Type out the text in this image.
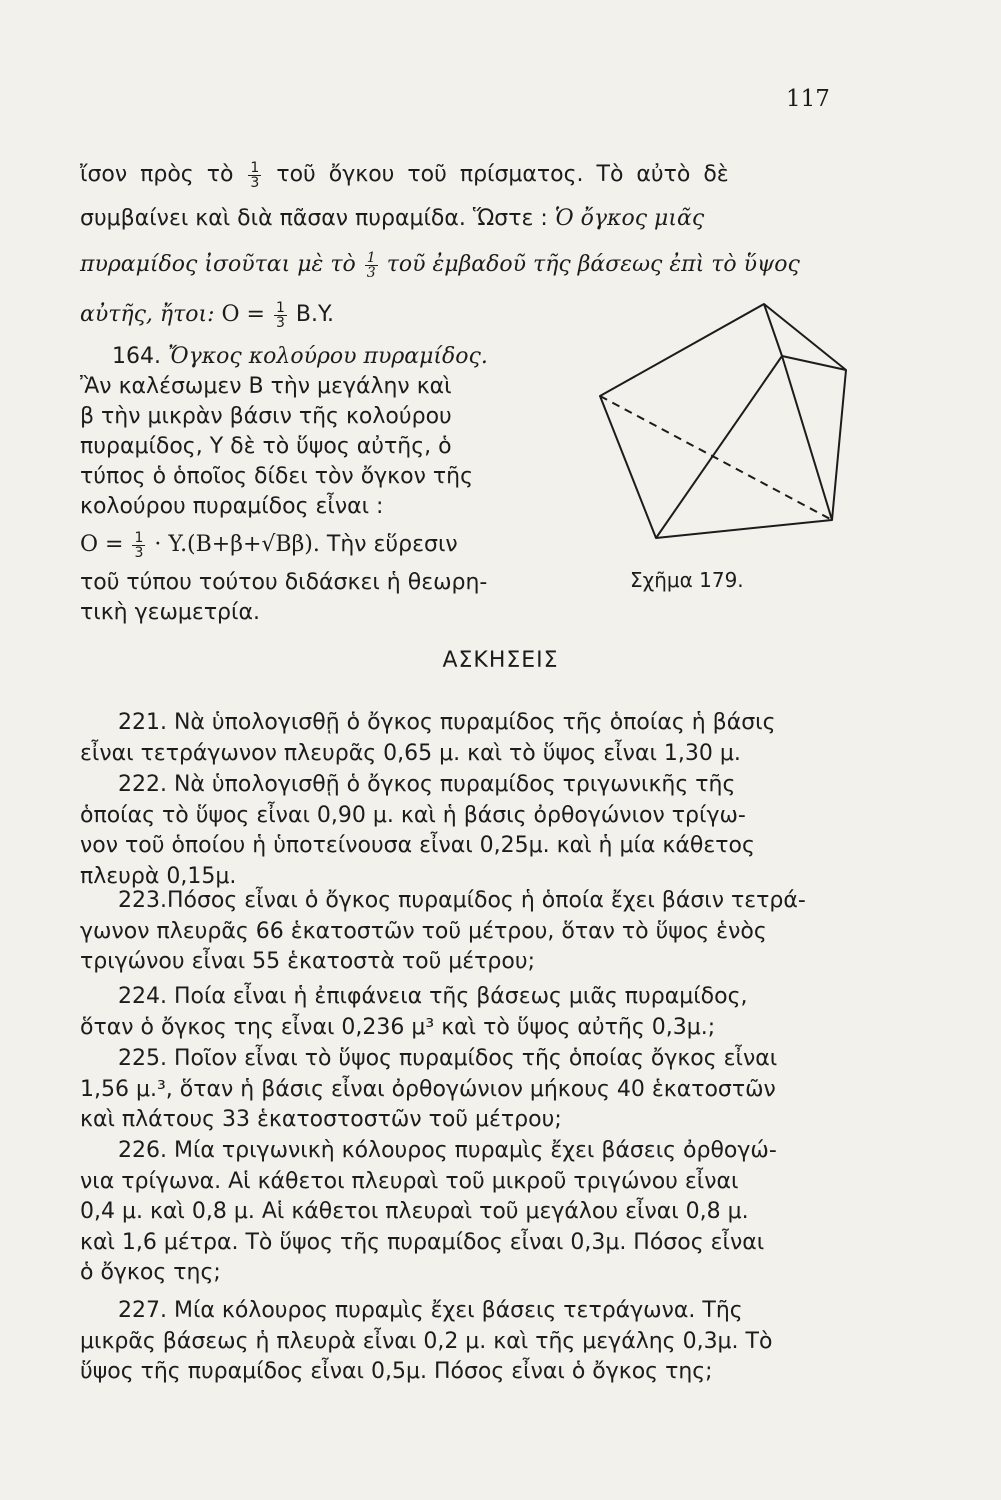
117
ἴσον πρὸς τὸ $\frac{1}{3}$ τοῦ ὄγκου τοῦ πρίσματος. Τὸ αὐτὸ δὲ
συμβαίνει καὶ διὰ πᾶσαν πυραμίδα. Ὥστε : Ὁ ὄγκος μιᾶς
πυραμίδος ἰσοῦται μὲ τὸ $\frac{1}{3}$ τοῦ ἐμβαδοῦ τῆς βάσεως ἐπὶ τὸ ὕψος
αὐτῆς, ἤτοι: $O = \frac{1}{3} B.Y$.
164. Ὄγκος κολούρου πυραμίδος.
Ἂν καλέσωμεν Β τὴν μεγάλην καὶ
β τὴν μικρὰν βάσιν τῆς κολούρου
πυραμίδος, Υ δὲ τὸ ὕψος αὐτῆς, ὁ
τύπος ὁ ὁποῖος δίδει τὸν ὄγκον τῆς
κολούρου πυραμίδος εἶναι :
$O = \frac{1}{3} \cdot Y.(B+\beta+√B\beta)$. Τὴν εὕρεσιν
τοῦ τύπου τούτου διδάσκει ἡ θεωρη-
τικὴ γεωμετρία.
Σχῆμα 179.
ΑΣΚΗΣΕΙΣ
221. Νὰ ὑπολογισθῇ ὁ ὄγκος πυραμίδος τῆς ὁποίας ἡ βάσις
εἶναι τετράγωνον πλευρᾶς 0,65 μ. καὶ τὸ ὕψος εἶναι 1,30 μ.
222. Νὰ ὑπολογισθῇ ὁ ὄγκος πυραμίδος τριγωνικῆς τῆς
ὁποίας τὸ ὕψος εἶναι 0,90 μ. καὶ ἡ βάσις ὀρθογώνιον τρίγω-
νον τοῦ ὁποίου ἡ ὑποτείνουσα εἶναι 0,25μ. καὶ ἡ μία κάθετος
πλευρὰ 0,15μ.
223.Πόσος εἶναι ὁ ὄγκος πυραμίδος ἡ ὁποία ἔχει βάσιν τετρά-
γωνον πλευρᾶς 66 ἑκατοστῶν τοῦ μέτρου, ὅταν τὸ ὕψος ἑνὸς
τριγώνου εἶναι 55 ἑκατοστὰ τοῦ μέτρου;
224. Ποία εἶναι ἡ ἐπιφάνεια τῆς βάσεως μιᾶς πυραμίδος,
ὅταν ὁ ὄγκος της εἶναι 0,236 μ³ καὶ τὸ ὕψος αὐτῆς 0,3μ.;
225. Ποῖον εἶναι τὸ ὕψος πυραμίδος τῆς ὁποίας ὄγκος εἶναι
1,56 μ.³, ὅταν ἡ βάσις εἶναι ὀρθογώνιον μήκους 40 ἑκατοστῶν
καὶ πλάτους 33 ἑκατοστοστῶν τοῦ μέτρου;
226. Μία τριγωνικὴ κόλουρος πυραμὶς ἔχει βάσεις ὀρθογώ-
νια τρίγωνα. Αἱ κάθετοι πλευραὶ τοῦ μικροῦ τριγώνου εἶναι
0,4 μ. καὶ 0,8 μ. Αἱ κάθετοι πλευραὶ τοῦ μεγάλου εἶναι 0,8 μ.
καὶ 1,6 μέτρα. Τὸ ὕψος τῆς πυραμίδος εἶναι 0,3μ. Πόσος εἶναι
ὁ ὄγκος της;
227. Μία κόλουρος πυραμὶς ἔχει βάσεις τετράγωνα. Τῆς
μικρᾶς βάσεως ἡ πλευρὰ εἶναι 0,2 μ. καὶ τῆς μεγάλης 0,3μ. Τὸ
ὕψος τῆς πυραμίδος εἶναι 0,5μ. Πόσος εἶναι ὁ ὄγκος της;
